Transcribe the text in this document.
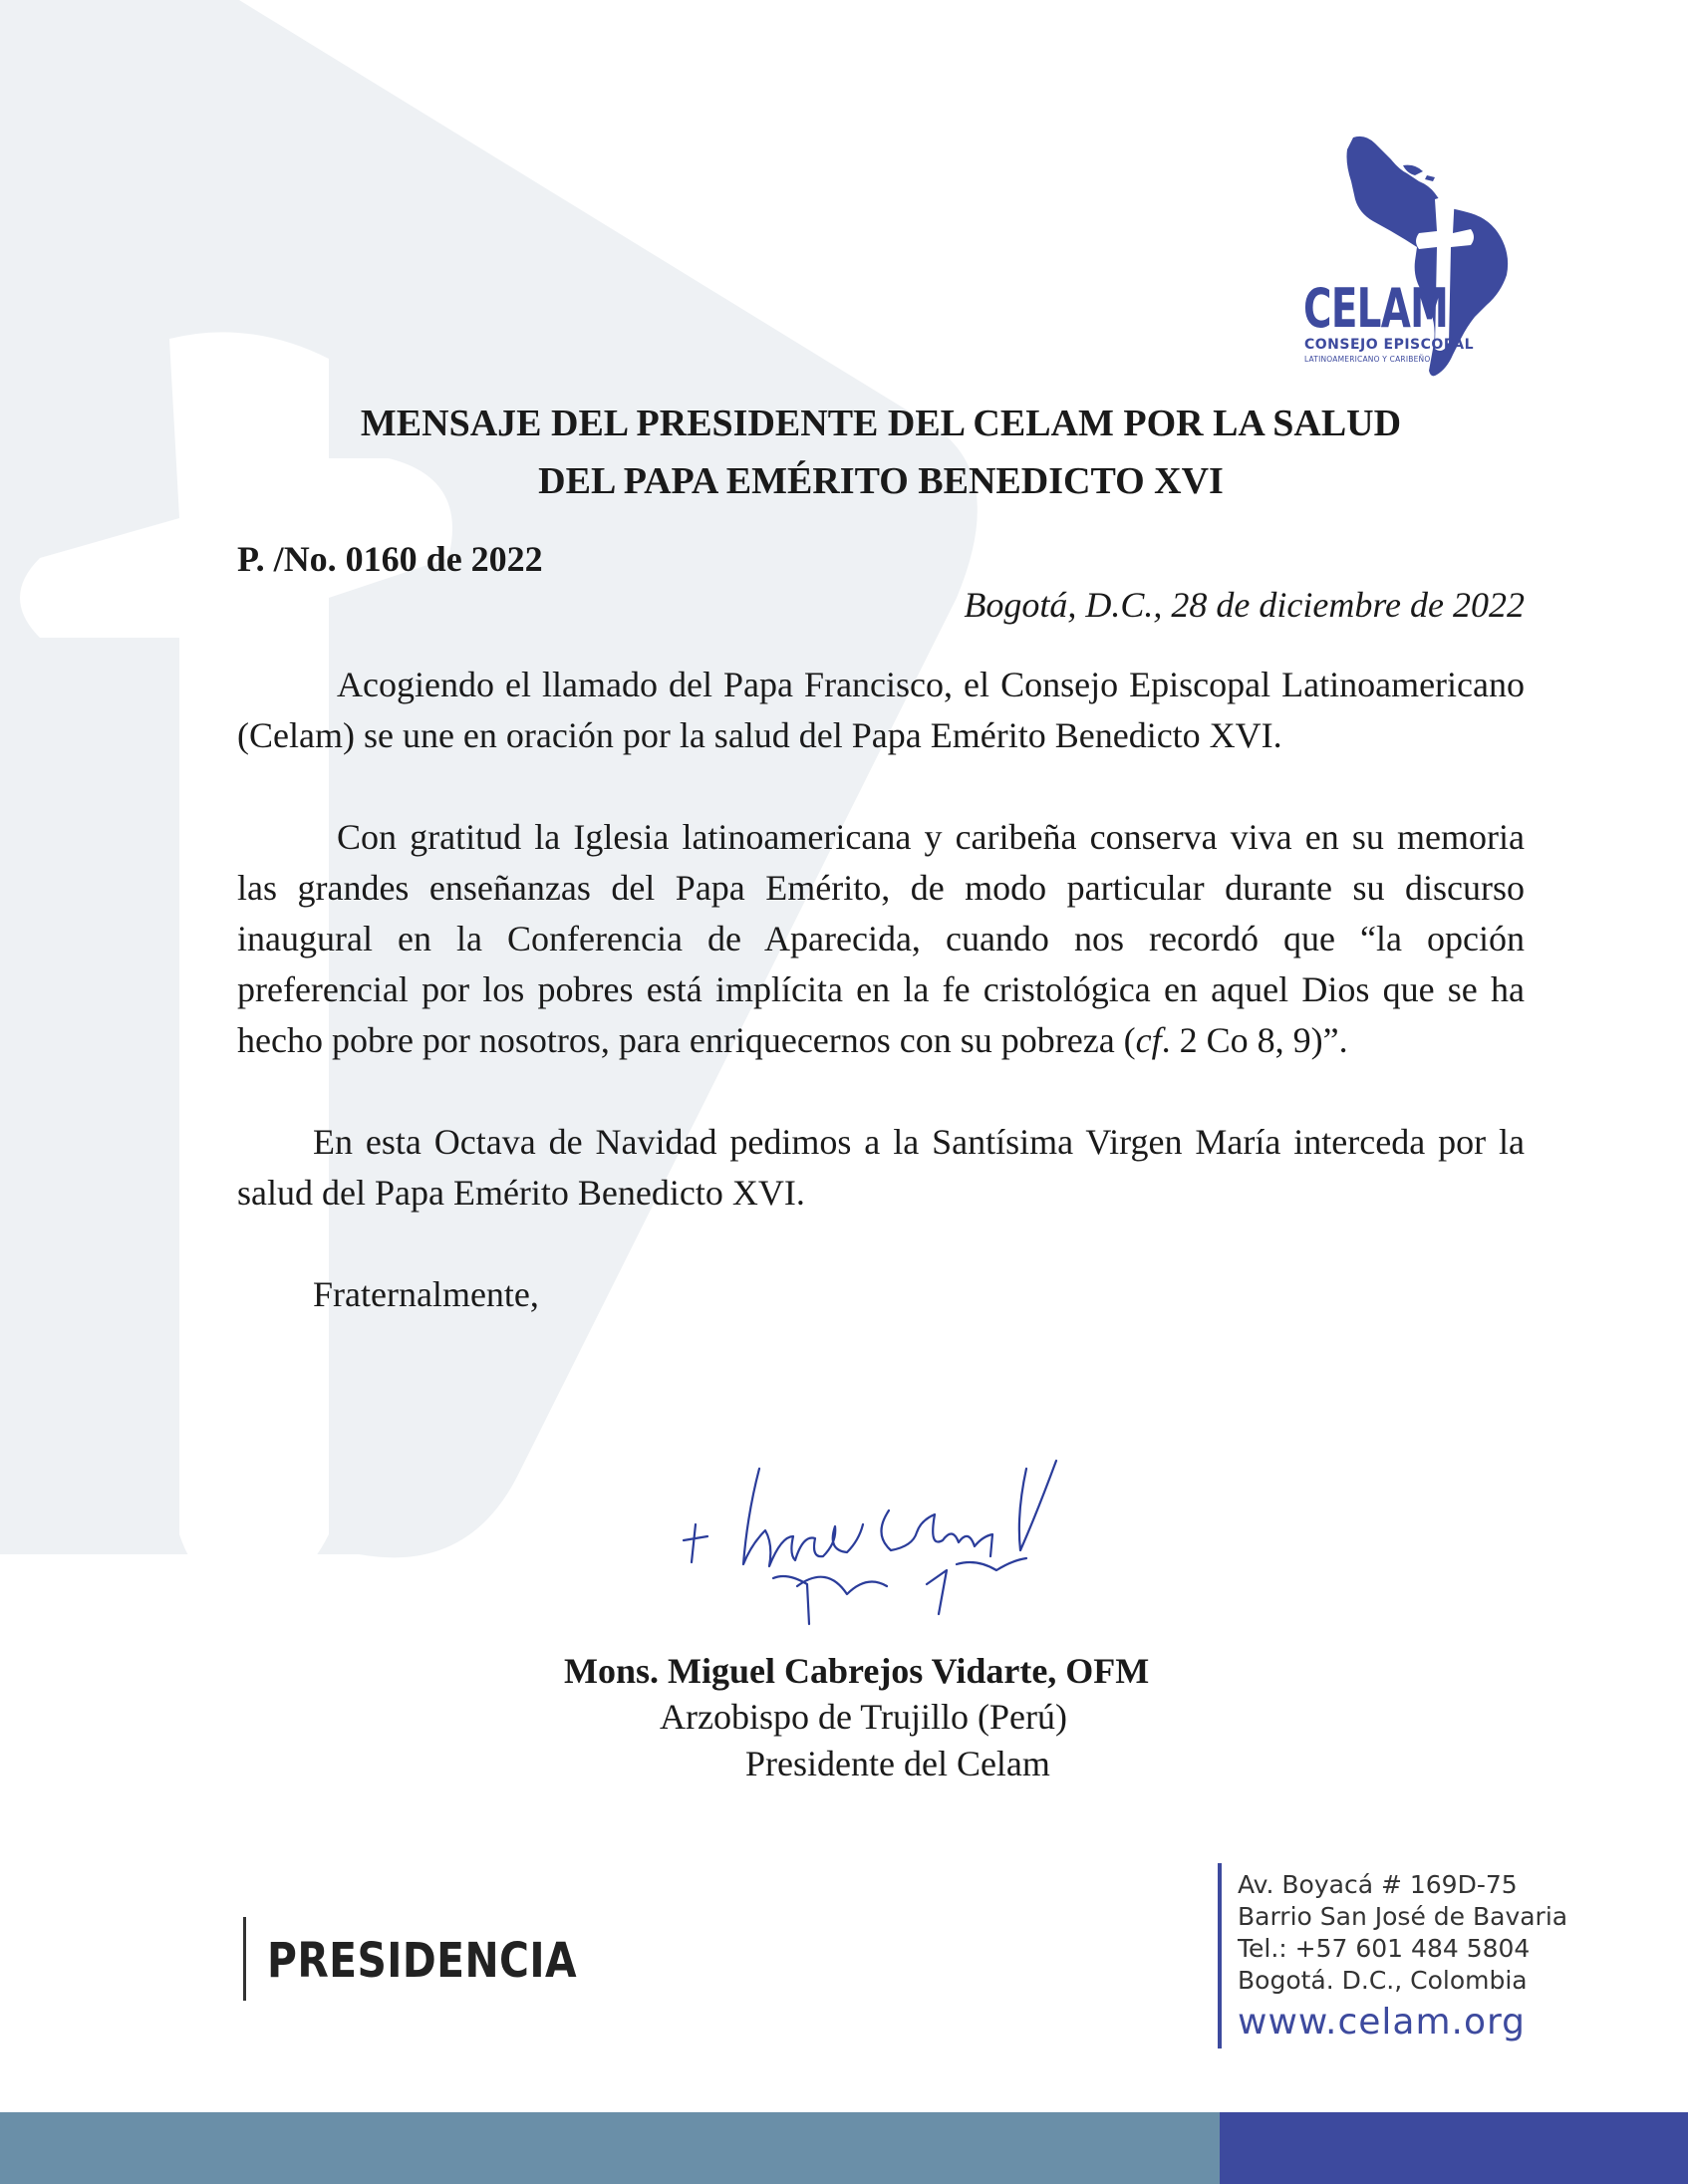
CELAM
CONSEJO EPISCOPAL
LATINOAMERICANO Y CARIBEÑO

MENSAJE DEL PRESIDENTE DEL CELAM POR LA SALUD
DEL PAPA EMÉRITO BENEDICTO XVI

P. /No. 0160 de 2022
Bogotá, D.C., 28 de diciembre de 2022

Acogiendo el llamado del Papa Francisco, el Consejo Episcopal Latinoamericano (Celam) se une en oración por la salud del Papa Emérito Benedicto XVI.

Con gratitud la Iglesia latinoamericana y caribeña conserva viva en su memoria las grandes enseñanzas del Papa Emérito, de modo particular durante su discurso inaugural en la Conferencia de Aparecida, cuando nos recordó que “la opción preferencial por los pobres está implícita en la fe cristológica en aquel Dios que se ha hecho pobre por nosotros, para enriquecernos con su pobreza (cf. 2 Co 8, 9)”.

En esta Octava de Navidad pedimos a la Santísima Virgen María interceda por la salud del Papa Emérito Benedicto XVI.

Fraternalmente,
Mons. Miguel Cabrejos Vidarte, OFM
Arzobispo de Trujillo (Perú)
Presidente del Celam
PRESIDENCIA
Av. Boyacá # 169D-75
Barrio San José de Bavaria
Tel.: +57 601 484 5804
Bogotá. D.C., Colombia
www.celam.org
